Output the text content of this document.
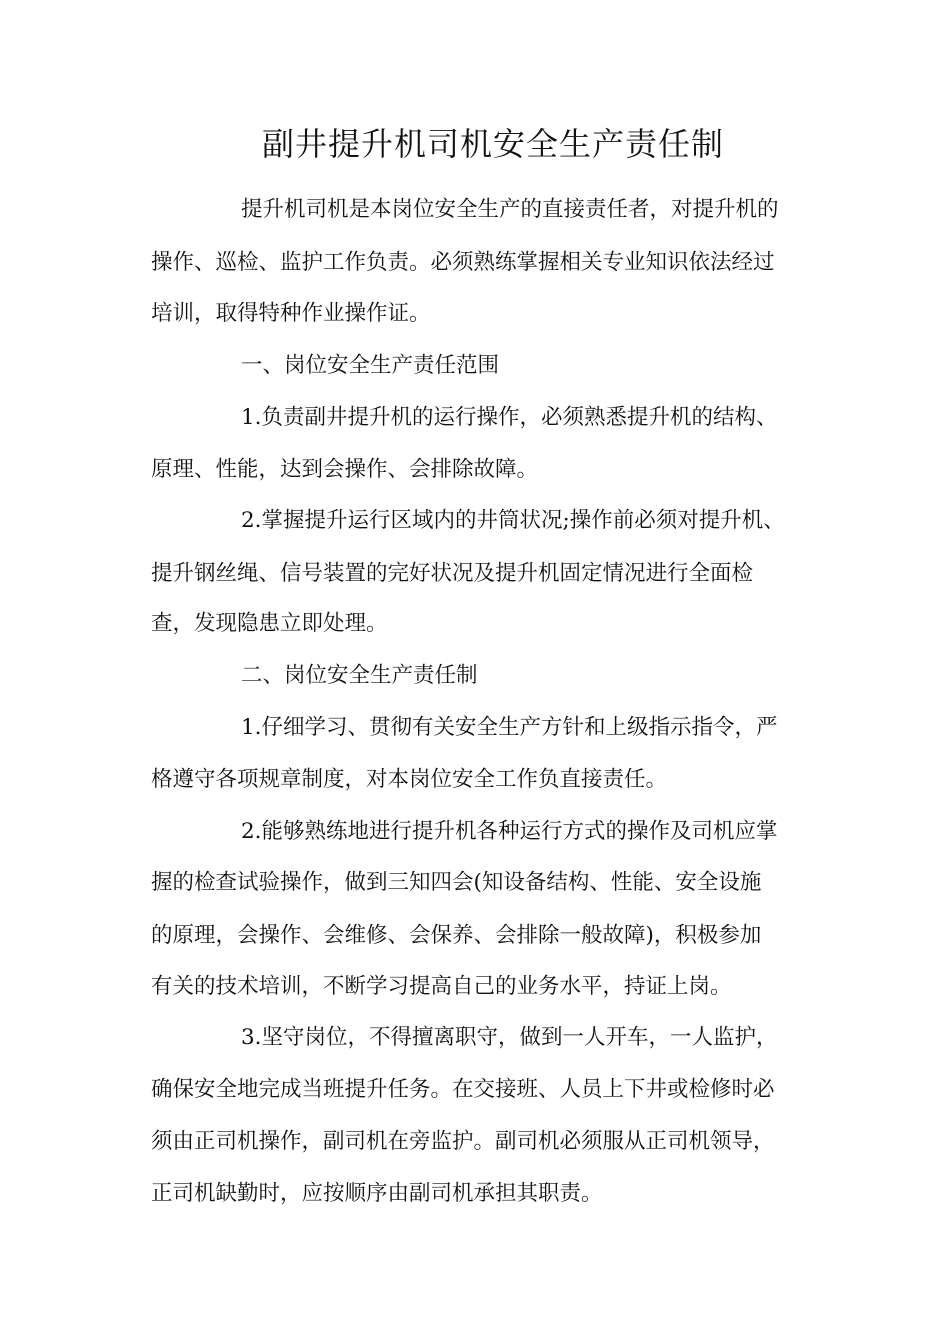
副井提升机司机安全生产责任制
提升机司机是本岗位安全生产的直接责任者，对提升机的
操作、巡检、监护工作负责。必须熟练掌握相关专业知识依法经过
培训，取得特种作业操作证。
一、岗位安全生产责任范围
1.负责副井提升机的运行操作，必须熟悉提升机的结构、
原理、性能，达到会操作、会排除故障。
2.掌握提升运行区域内的井筒状况;操作前必须对提升机、
提升钢丝绳、信号装置的完好状况及提升机固定情况进行全面检
查，发现隐患立即处理。
二、岗位安全生产责任制
1.仔细学习、贯彻有关安全生产方针和上级指示指令，严
格遵守各项规章制度，对本岗位安全工作负直接责任。
2.能够熟练地进行提升机各种运行方式的操作及司机应掌
握的检查试验操作，做到三知四会(知设备结构、性能、安全设施
的原理，会操作、会维修、会保养、会排除一般故障)，积极参加
有关的技术培训，不断学习提高自己的业务水平，持证上岗。
3.坚守岗位，不得擅离职守，做到一人开车，一人监护，
确保安全地完成当班提升任务。在交接班、人员上下井或检修时必
须由正司机操作，副司机在旁监护。副司机必须服从正司机领导，
正司机缺勤时，应按顺序由副司机承担其职责。
